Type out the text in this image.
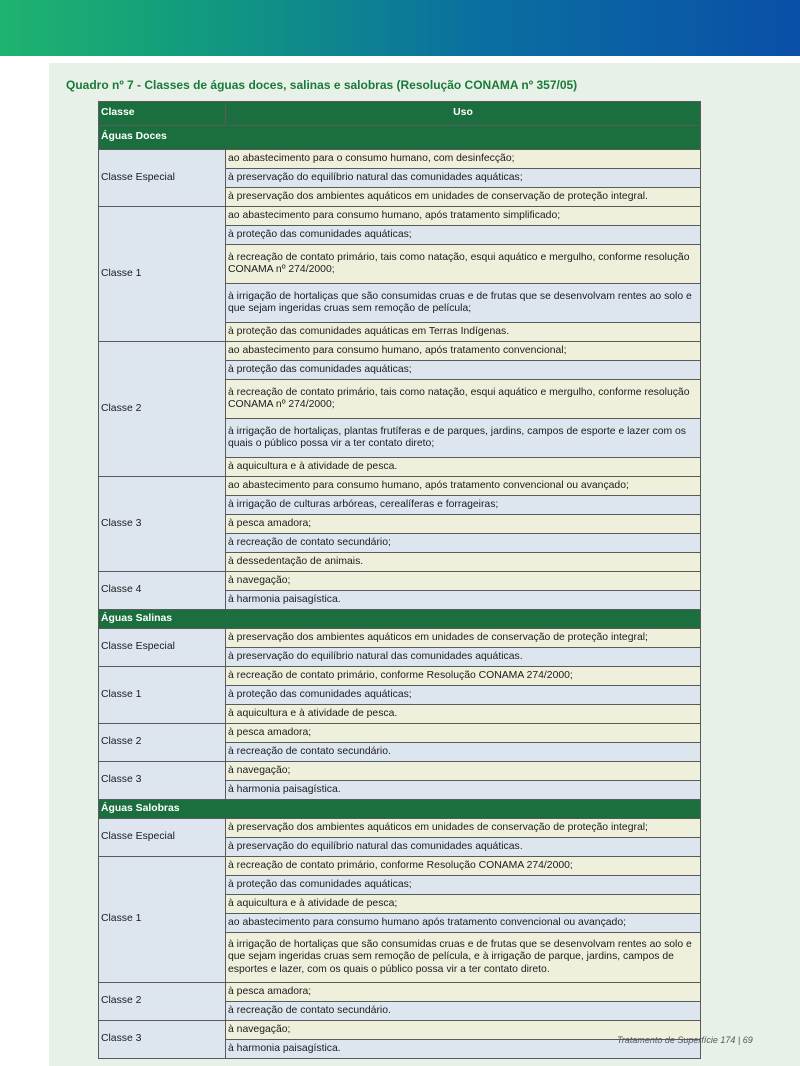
Quadro nº 7 - Classes de águas doces, salinas e salobras (Resolução CONAMA nº 357/05)
Classe	Uso
Águas Doces	
Classe Especial	ao abastecimento para o consumo humano, com desinfecção;
	à preservação do equilíbrio natural das comunidades aquáticas;
	à preservação dos ambientes aquáticos em unidades de conservação de proteção integral.
Classe 1	ao abastecimento para consumo humano, após tratamento simplificado;
	à proteção das comunidades aquáticas;
	à recreação de contato primário, tais como natação, esqui aquático e mergulho, conforme resolução CONAMA nº 274/2000;
	à irrigação de hortaliças que são consumidas cruas e de frutas que se desenvolvam rentes ao solo e que sejam ingeridas cruas sem remoção de película;
	à proteção das comunidades aquáticas em Terras Indígenas.
Classe 2	ao abastecimento para consumo humano, após tratamento convencional;
	à proteção das comunidades aquáticas;
	à recreação de contato primário, tais como natação, esqui aquático e mergulho, conforme resolução CONAMA nº 274/2000;
	à irrigação de hortaliças, plantas frutíferas e de parques, jardins, campos de esporte e lazer com os quais o público possa vir a ter contato direto;
	à aquicultura e à atividade de pesca.
Classe 3	ao abastecimento para consumo humano, após tratamento convencional ou avançado;
	à irrigação de culturas arbóreas, cerealíferas e forrageiras;
	à pesca amadora;
	à recreação de contato secundário;
	à dessedentação de animais.
Classe 4	à navegação;
	à harmonia paisagística.
Águas Salinas	
Classe Especial	à preservação dos ambientes aquáticos em unidades de conservação de proteção integral;
	à preservação do equilíbrio natural das comunidades aquáticas.
Classe 1	à recreação de contato primário, conforme Resolução CONAMA 274/2000;
	à proteção das comunidades aquáticas;
	à aquicultura e à atividade de pesca.
Classe 2	à pesca amadora;
	à recreação de contato secundário.
Classe 3	à navegação;
	à harmonia paisagística.
Águas Salobras	
Classe Especial	à preservação dos ambientes aquáticos em unidades de conservação de proteção integral;
	à preservação do equilíbrio natural das comunidades aquáticas.
Classe 1	à recreação de contato primário, conforme Resolução CONAMA 274/2000;
	à proteção das comunidades aquáticas;
	à aquicultura e à atividade de pesca;
	ao abastecimento para consumo humano após tratamento convencional ou avançado;
	à irrigação de hortaliças que são consumidas cruas e de frutas que se desenvolvam rentes ao solo e que sejam ingeridas cruas sem remoção de película, e à irrigação de parque, jardins, campos de esportes e lazer, com os quais o público possa vir a ter contato direto.
Classe 2	à pesca amadora;
	à recreação de contato secundário.
Classe 3	à navegação;
	à harmonia paisagística.
Tratamento de Superfície 174 | 69
